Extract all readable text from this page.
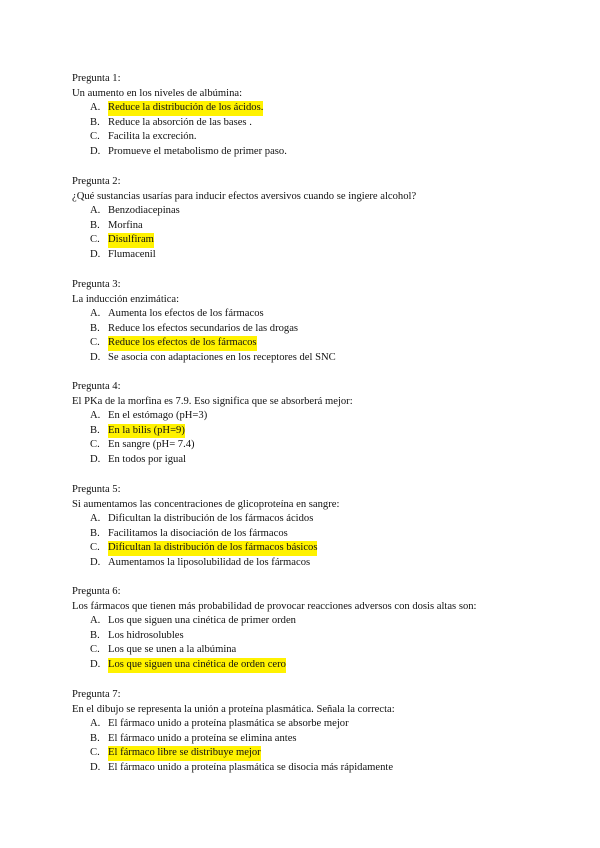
Pregunta 1:
Un aumento en los niveles de albúmina:
A. Reduce la distribución de los ácidos.
B. Reduce la absorción de las bases .
C. Facilita la excreción.
D. Promueve el metabolismo de primer paso.
Pregunta 2:
¿Qué sustancias usarías para inducir efectos aversivos cuando se ingiere alcohol?
A. Benzodiacepinas
B. Morfina
C. Disulfiram
D. Flumacenil
Pregunta 3:
La inducción enzimática:
A. Aumenta los efectos de los fármacos
B. Reduce los efectos secundarios de las drogas
C. Reduce los efectos de los fármacos
D. Se asocia con adaptaciones en los receptores del SNC
Pregunta 4:
El PKa de la morfina es 7.9. Eso significa que se absorberá mejor:
A. En el estómago (pH=3)
B. En la bilis (pH=9)
C. En sangre (pH= 7.4)
D. En todos por igual
Pregunta 5:
Si aumentamos las concentraciones de glicoproteína en sangre:
A. Dificultan la distribución de los fármacos ácidos
B. Facilitamos la disociación de los fármacos
C. Dificultan la distribución de los fármacos básicos
D. Aumentamos la liposolubilidad de los fármacos
Pregunta 6:
Los fármacos que tienen más probabilidad de provocar reacciones adversos con dosis altas son:
A. Los que siguen una cinética de primer orden
B. Los hidrosolubles
C. Los que se unen a la albúmina
D. Los que siguen una cinética de orden cero
Pregunta 7:
En el dibujo se representa la unión a proteína plasmática. Señala la correcta:
A. El fármaco unido a proteína plasmática se absorbe mejor
B. El fármaco unido a proteína se elimina antes
C. El fármaco libre se distribuye mejor
D. El fármaco unido a proteína plasmática se disocia más rápidamente
